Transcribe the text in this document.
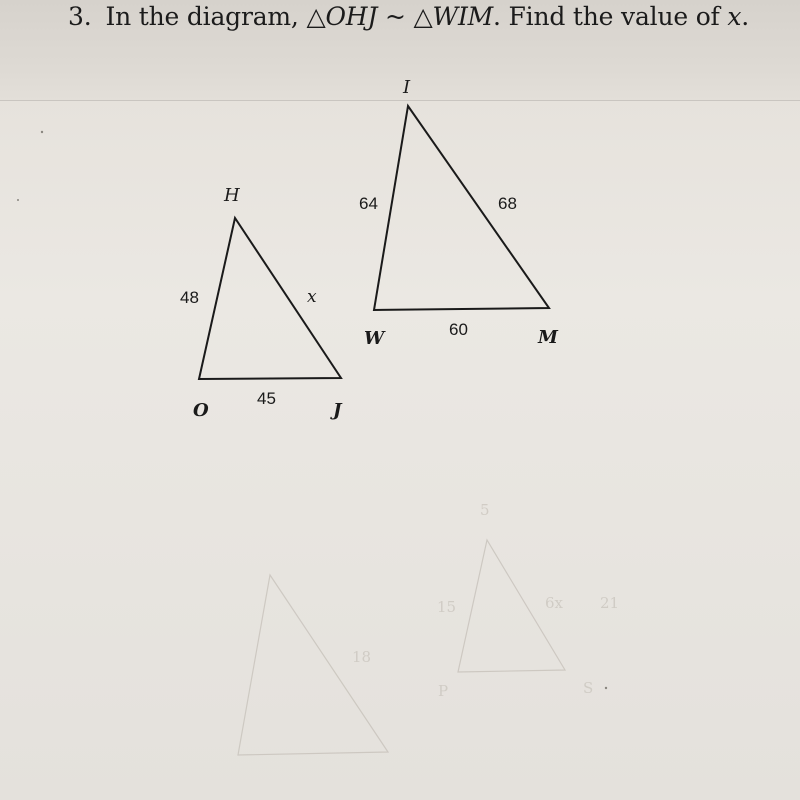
3. In the diagram, △OHJ ~ △WIM. Find the value of x.
15	6x 21
18
S
5
P
H
O	J
48	x
45
I
W	M
64	68
60
